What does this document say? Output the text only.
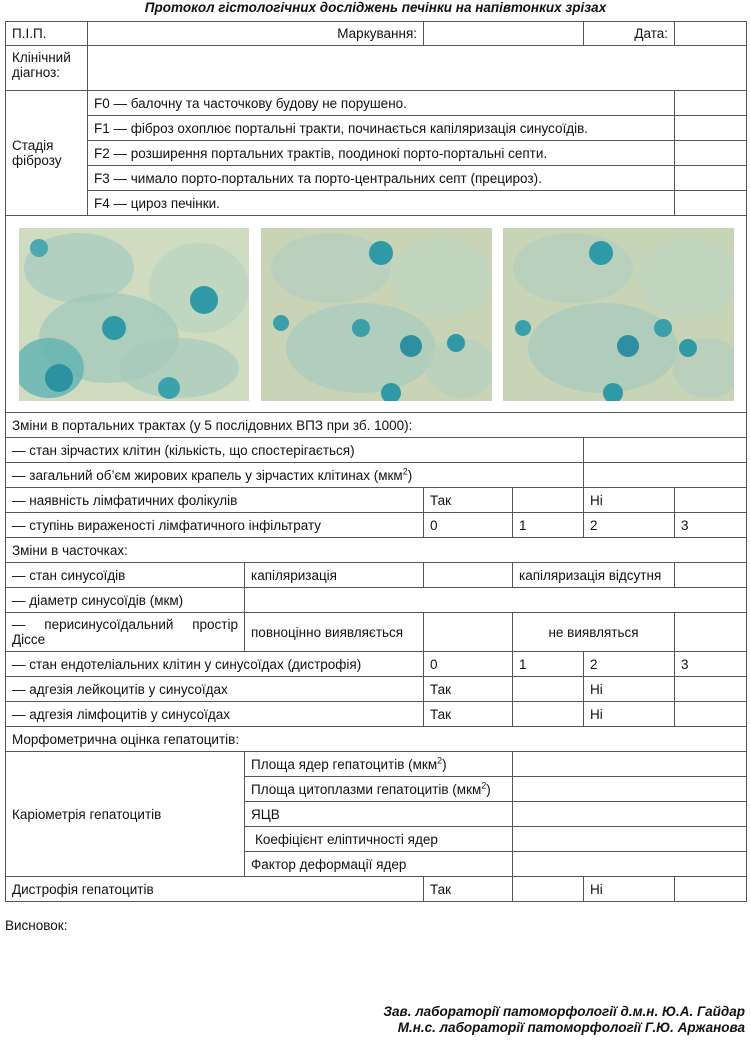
Протокол гістологічних досліджень печінки на напівтонких зрізах
П.І.П.	Маркування:				Дата:	
Клінічний діагноз:						
Стадія фіброзу	F0 — балочну та часточкову будову не порушено.					
	F1 — фіброз охоплює портальні тракти, починається капіляризація синусоїдів.					
	F2 — розширення портальних трактів, поодинокі порто-портальні септи.					
	F3 — чимало порто-портальних та порто-центральних септ (прецироз).					
	F4 — цироз печінки.					

Зміни в портальних трактах (у 5 послідовних ВПЗ при зб. 1000):						
— стан зірчастих клітин (кількість, що спостерігається)						
— загальний об’єм жирових крапель у зірчастих клітинах (мкм$^2$)						
— наявність лімфатичних фолікулів			Так		Ні	
— ступінь вираженості лімфатичного інфільтрату			0	1	2	3
Зміни в часточках:						
— стан синусоїдів		капіляризація		капіляризація відсутня		
— діаметр синусоїдів (мкм)						
— перисинусоїдальний простір Діссе		повноцінно виявляється		не виявляться		
— стан ендотеліальних клітин у синусоїдах (дистрофія)			0	1	2	3
— адгезія лейкоцитів у синусоїдах			Так		Ні	
— адгезія лімфоцитів у синусоїдах			Так		Ні	
Морфометрична оцінка гепатоцитів:						
Каріометрія гепатоцитів		Площа ядер гепатоцитів (мкм$^2$)				
		Площа цитоплазми гепатоцитів (мкм$^2$)				
		ЯЦВ				
		Коефіцієнт еліптичності ядер				
		Фактор деформації ядер				
Дистрофія гепатоцитів			Так		Ні	
Висновок:
Зав. лабораторії патоморфології д.м.н. Ю.А. Гайдар
М.н.с. лабораторії патоморфології Г.Ю. Аржанова
